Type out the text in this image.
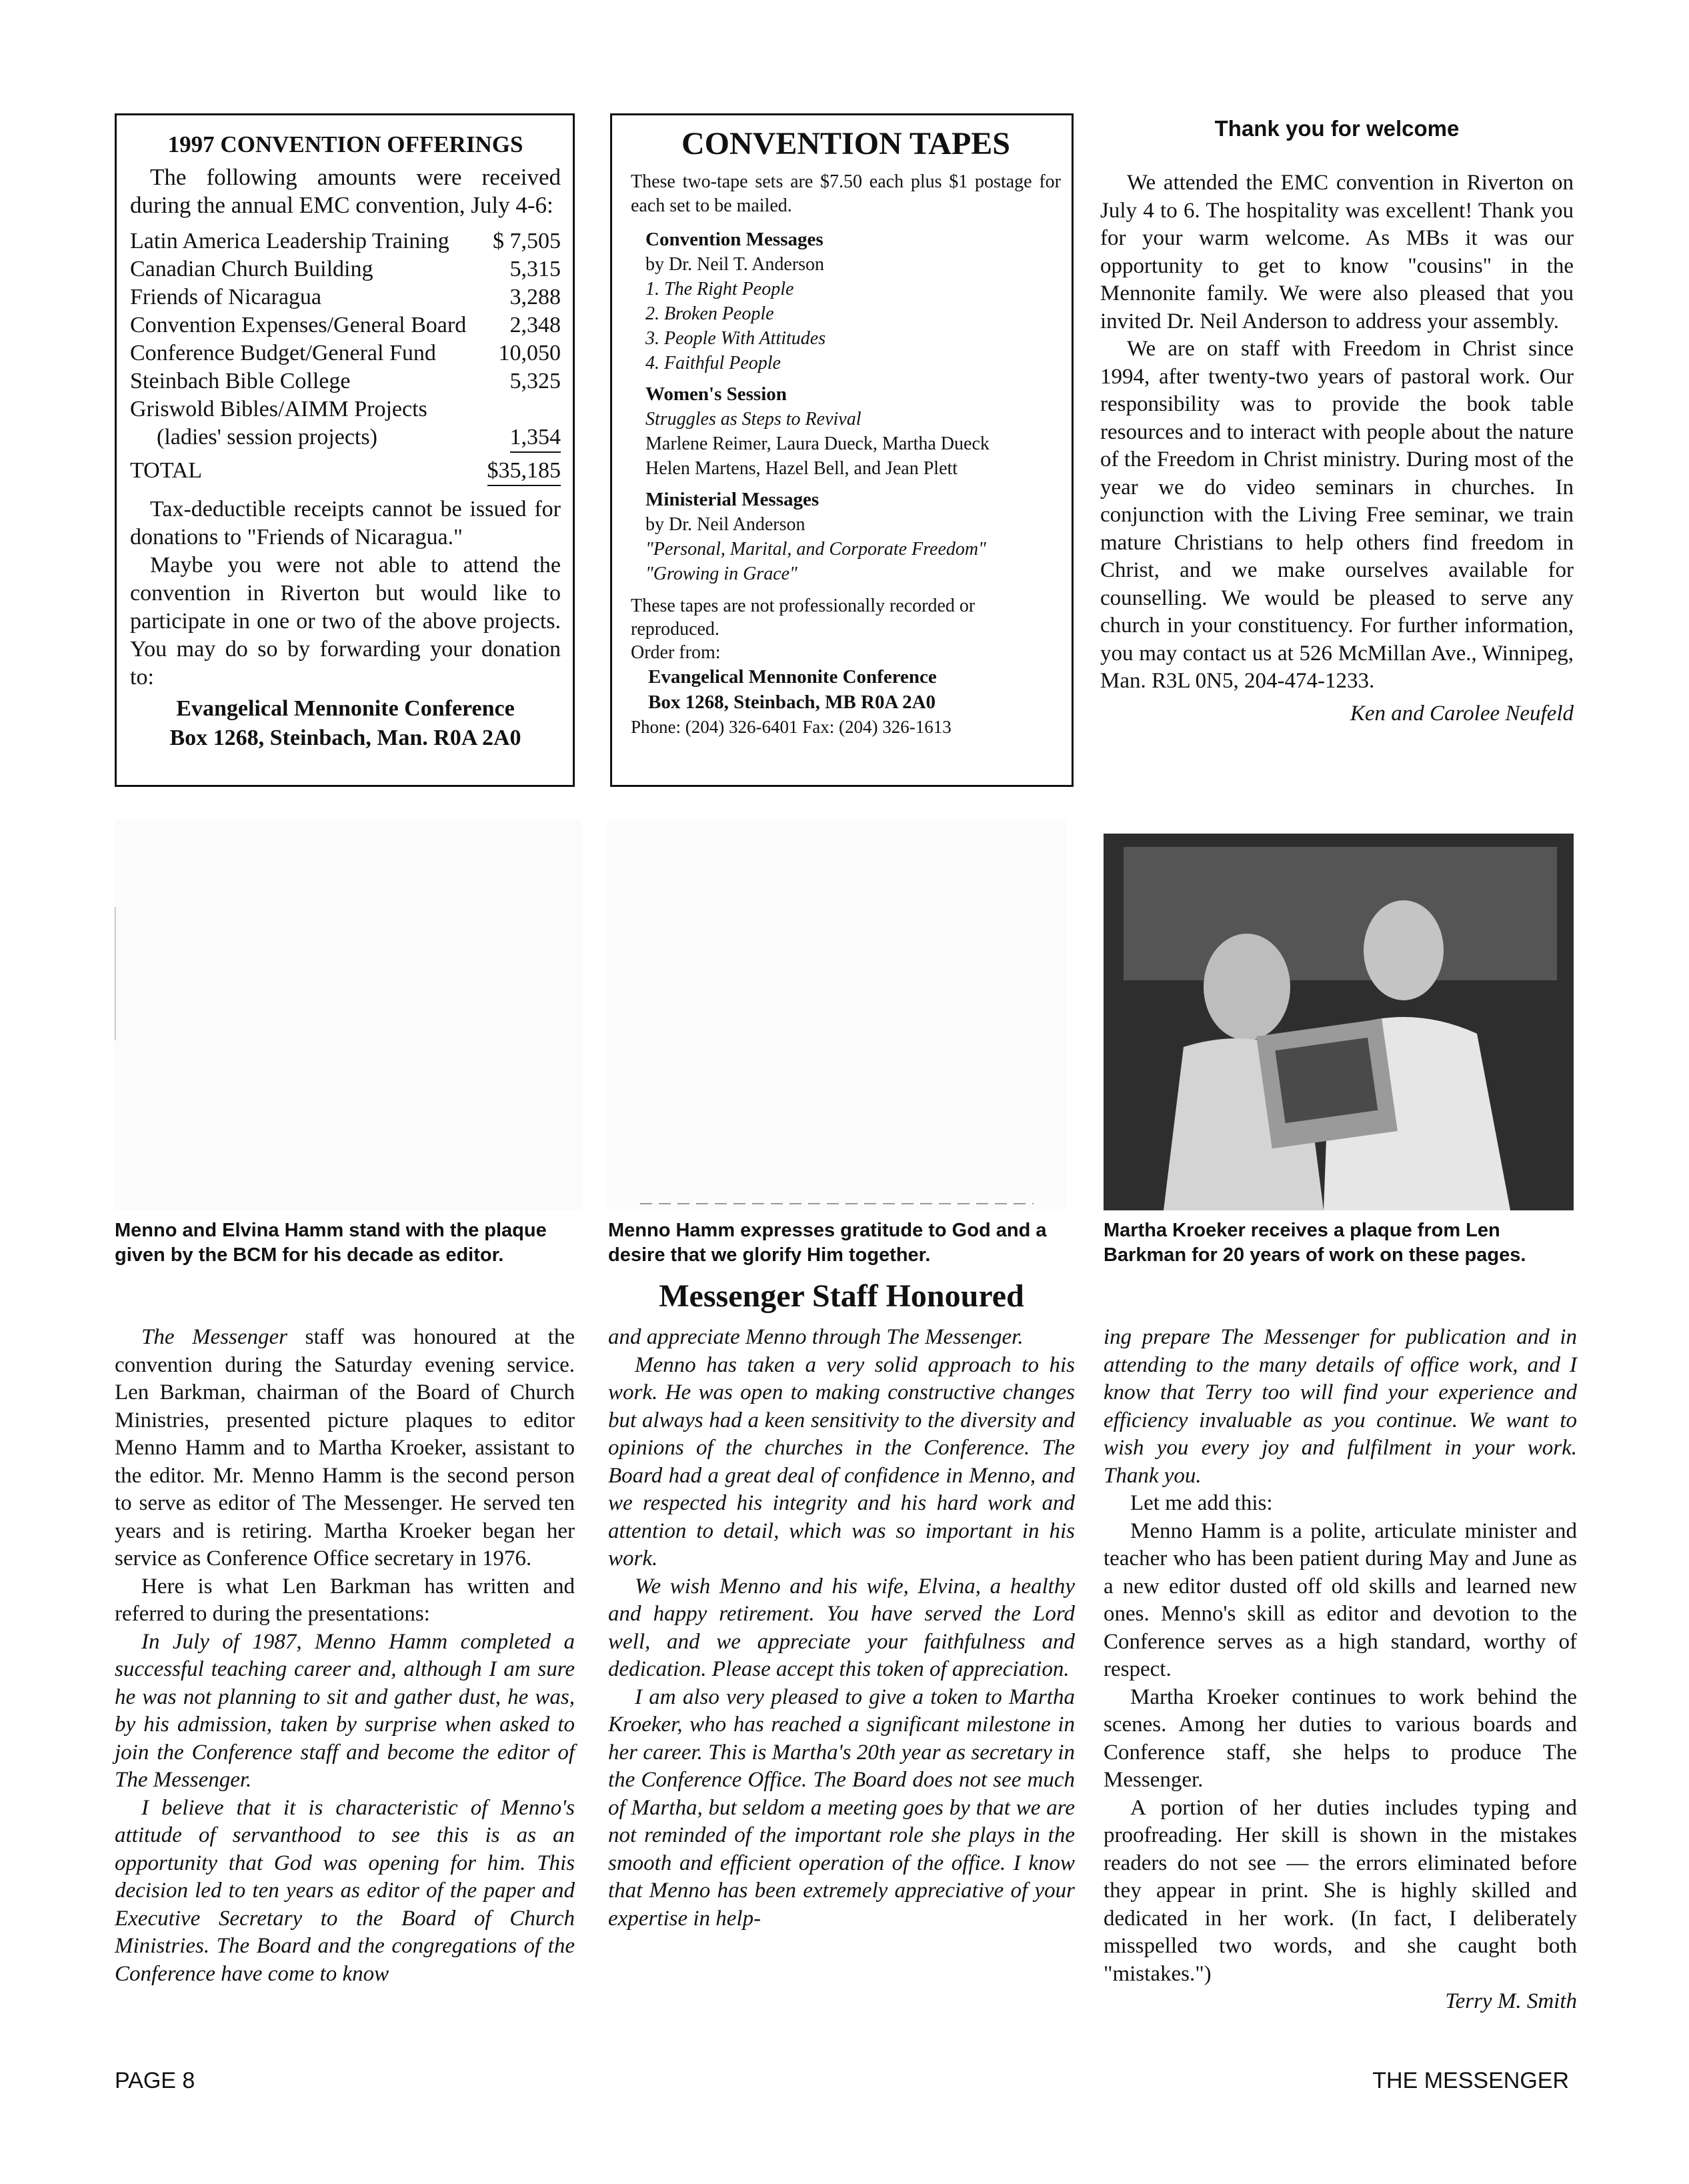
1997 CONVENTION OFFERINGS

The following amounts were received during the annual EMC convention, July 4-6:

Latin America Leadership Training $ 7,505
Canadian Church Building	5,315
Friends of Nicaragua	3,288
Convention Expenses/General Board 2,348
Conference Budget/General Fund	10,050
Steinbach Bible College	5,325
Griswold Bibles/AIMM Projects
(ladies' session projects)	1,354
TOTAL	$35,185

Tax-deductible receipts cannot be issued for donations to "Friends of Nicaragua."

Maybe you were not able to attend the convention in Riverton but would like to participate in one or two of the above projects. You may do so by forwarding your donation to:

Evangelical Mennonite Conference
Box 1268, Steinbach, Man. R0A 2A0
CONVENTION TAPES

These two-tape sets are $7.50 each plus $1 postage for each set to be mailed.

Convention Messages
by Dr. Neil T. Anderson
1. The Right People
2. Broken People
3. People With Attitudes
4. Faithful People
Women's Session
Struggles as Steps to Revival
Marlene Reimer, Laura Dueck, Martha Dueck
Helen Martens, Hazel Bell, and Jean Plett
Ministerial Messages
by Dr. Neil Anderson
"Personal, Marital, and Corporate Freedom"
"Growing in Grace"

These tapes are not professionally recorded or reproduced.

Order from:
Evangelical Mennonite Conference
Box 1268, Steinbach, MB R0A 2A0
Phone: (204) 326-6401 Fax: (204) 326-1613
Thank you for welcome

We attended the EMC convention in Riverton on July 4 to 6. The hospitality was excellent! Thank you for your warm welcome. As MBs it was our opportunity to get to know "cousins" in the Mennonite family. We were also pleased that you invited Dr. Neil Anderson to address your assembly.

We are on staff with Freedom in Christ since 1994, after twenty-two years of pastoral work. Our responsibility was to provide the book table resources and to interact with people about the nature of the Freedom in Christ ministry. During most of the year we do video seminars in churches. In conjunction with the Living Free seminar, we train mature Christians to help others find freedom in Christ, and we make ourselves available for counselling. We would be pleased to serve any church in your constituency. For further information, you may contact us at 526 McMillan Ave., Winnipeg, Man. R3L 0N5, 204-474-1233.

Ken and Carolee Neufeld
Menno and Elvina Hamm stand with the plaque given by the BCM for his decade as editor.
Menno Hamm expresses gratitude to God and a desire that we glorify Him together.
Martha Kroeker receives a plaque from Len Barkman for 20 years of work on these pages.
Messenger Staff Honoured

The Messenger staff was honoured at the convention during the Saturday evening service. Len Barkman, chairman of the Board of Church Ministries, presented picture plaques to editor Menno Hamm and to Martha Kroeker, assistant to the editor. Mr. Menno Hamm is the second person to serve as editor of The Messenger. He served ten years and is retiring. Martha Kroeker began her service as Conference Office secretary in 1976.

Here is what Len Barkman has written and referred to during the presentations:

In July of 1987, Menno Hamm completed a successful teaching career and, although I am sure he was not planning to sit and gather dust, he was, by his admission, taken by surprise when asked to join the Conference staff and become the editor of The Messenger.

I believe that it is characteristic of Menno's attitude of servanthood to see this is as an opportunity that God was opening for him. This decision led to ten years as editor of the paper and Executive Secretary to the Board of Church Ministries. The Board and the congregations of the Conference have come to know

and appreciate Menno through The Messenger.

Menno has taken a very solid approach to his work. He was open to making constructive changes but always had a keen sensitivity to the diversity and opinions of the churches in the Conference. The Board had a great deal of confidence in Menno, and we respected his integrity and his hard work and attention to detail, which was so important in his work.

We wish Menno and his wife, Elvina, a healthy and happy retirement. You have served the Lord well, and we appreciate your faithfulness and dedication. Please accept this token of appreciation.

I am also very pleased to give a token to Martha Kroeker, who has reached a significant milestone in her career. This is Martha's 20th year as secretary in the Conference Office. The Board does not see much of Martha, but seldom a meeting goes by that we are not reminded of the important role she plays in the smooth and efficient operation of the office. I know that Menno has been extremely appreciative of your expertise in help-

ing prepare The Messenger for publication and in attending to the many details of office work, and I know that Terry too will find your experience and efficiency invaluable as you continue. We want to wish you every joy and fulfilment in your work. Thank you.

Let me add this:

Menno Hamm is a polite, articulate minister and teacher who has been patient during May and June as a new editor dusted off old skills and learned new ones. Menno's skill as editor and devotion to the Conference serves as a high standard, worthy of respect.

Martha Kroeker continues to work behind the scenes. Among her duties to various boards and Conference staff, she helps to produce The Messenger.

A portion of her duties includes typing and proofreading. Her skill is shown in the mistakes readers do not see — the errors eliminated before they appear in print. She is highly skilled and dedicated in her work. (In fact, I deliberately misspelled two words, and she caught both "mistakes.")

Terry M. Smith
PAGE 8	THE MESSENGER
